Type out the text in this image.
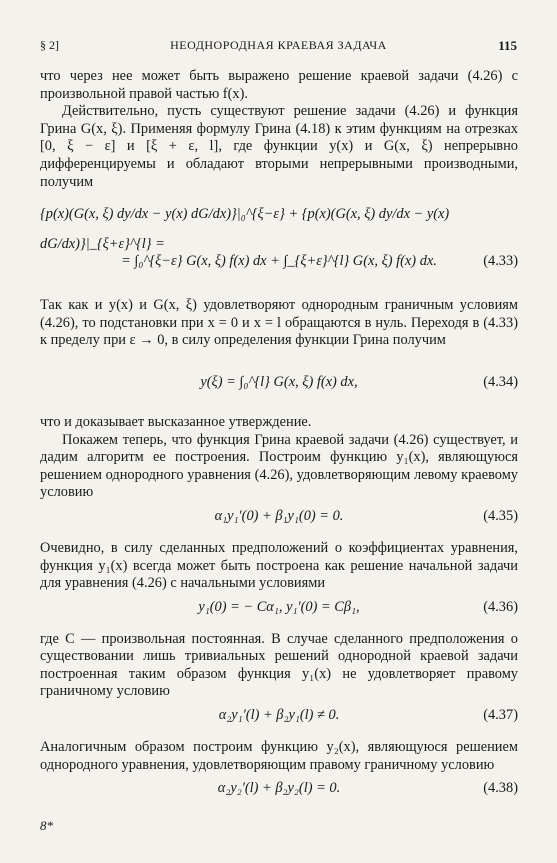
§ 2]	НЕОДНОРОДНАЯ КРАЕВАЯ ЗАДАЧА	115

что через нее может быть выражено решение краевой задачи (4.26) с произвольной правой частью f(x).

Действительно, пусть существуют решение задачи (4.26) и функция Грина G(x, ξ). Применяя формулу Грина (4.18) к этим функциям на отрезках [0, ξ − ε] и [ξ + ε, l], где функции y(x) и G(x, ξ) непрерывно дифференцируемы и обладают вторыми непрерывными производными, получим

{p(x)(G(x, ξ) dy/dx − y(x) dG/dx)}|₀^{ξ−ε} + {p(x)(G(x, ξ) dy/dx − y(x) dG/dx)}|_{ξ+ε}^{l} =
= ∫₀^{ξ−ε} G(x, ξ) f(x) dx + ∫_{ξ+ε}^{l} G(x, ξ) f(x) dx.	(4.33)

Так как и y(x) и G(x, ξ) удовлетворяют однородным граничным условиям (4.26), то подстановки при x = 0 и x = l обращаются в нуль. Переходя в (4.33) к пределу при ε → 0, в силу определения функции Грина получим

y(ξ) = ∫₀^{l} G(x, ξ) f(x) dx,	(4.34)

что и доказывает высказанное утверждение.

Покажем теперь, что функция Грина краевой задачи (4.26) существует, и дадим алгоритм ее построения. Построим функцию y₁(x), являющуюся решением однородного уравнения (4.26), удовлетворяющим левому краевому условию

α₁y₁′(0) + β₁y₁(0) = 0.	(4.35)

Очевидно, в силу сделанных предположений о коэффициентах уравнения, функция y₁(x) всегда может быть построена как решение начальной задачи для уравнения (4.26) с начальными условиями

y₁(0) = − Cα₁, y₁′(0) = Cβ₁,	(4.36)

где C — произвольная постоянная. В случае сделанного предположения о существовании лишь тривиальных решений однородной краевой задачи построенная таким образом функция y₁(x) не удовлетворяет правому граничному условию

α₂y₁′(l) + β₂y₁(l) ≠ 0.	(4.37)

Аналогичным образом построим функцию y₂(x), являющуюся решением однородного уравнения, удовлетворяющим правому граничному условию

α₂y₂′(l) + β₂y₂(l) = 0.	(4.38)
8*
